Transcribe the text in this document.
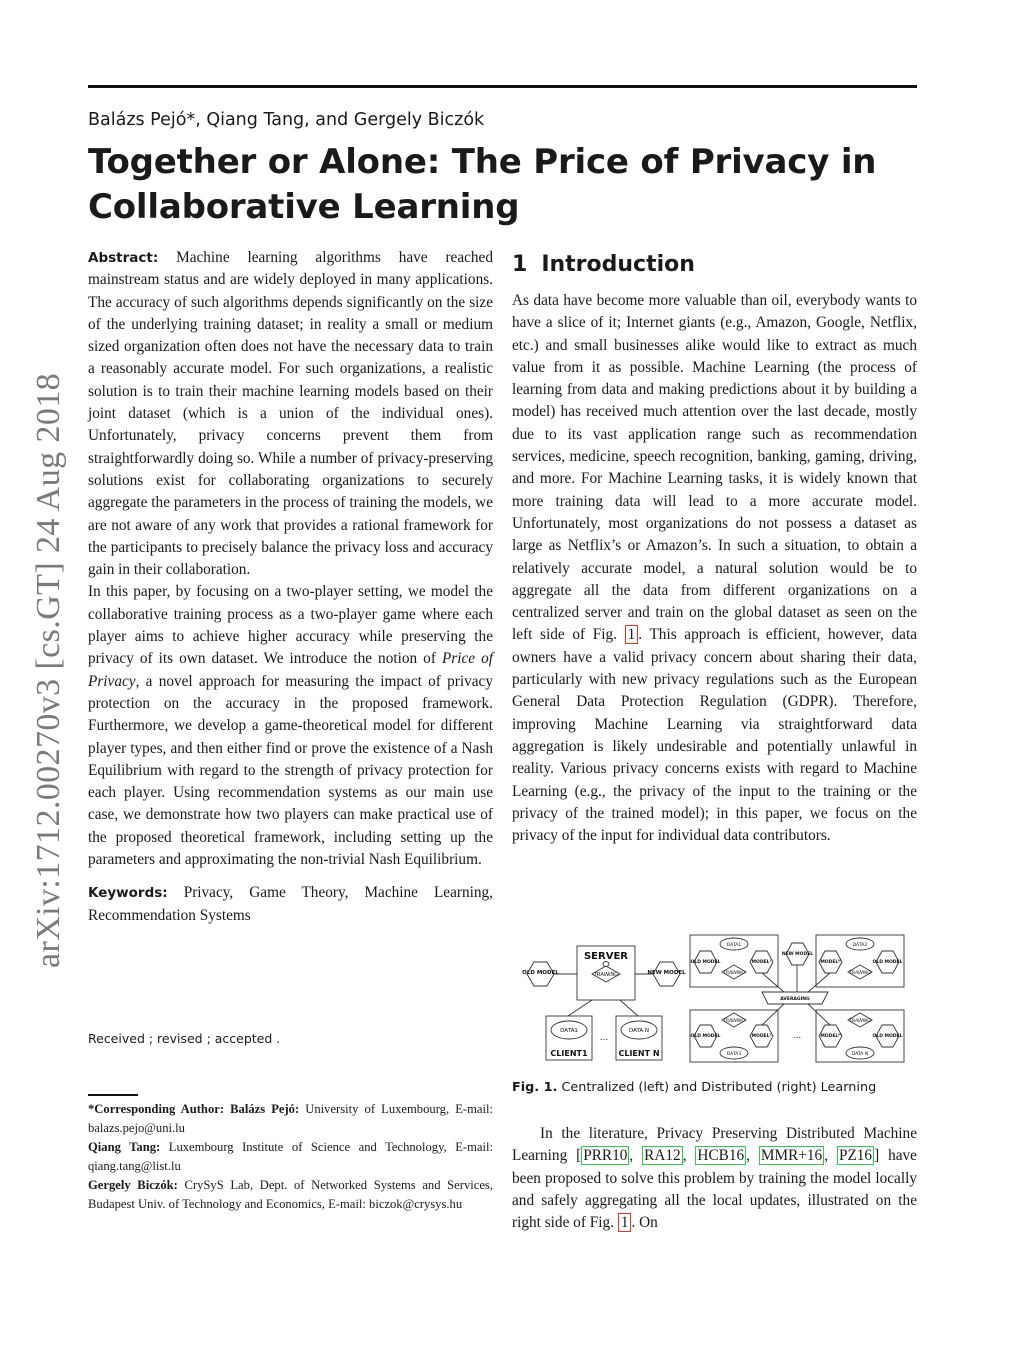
Balázs Pejó*, Qiang Tang, and Gergely Biczók
Together or Alone: The Price of Privacy in Collaborative Learning
arXiv:1712.00270v3 [cs.GT] 24 Aug 2018

Abstract: Machine learning algorithms have reached mainstream status and are widely deployed in many applications. The accuracy of such algorithms depends significantly on the size of the underlying training dataset; in reality a small or medium sized organization often does not have the necessary data to train a reasonably accurate model. For such organizations, a realistic solution is to train their machine learning models based on their joint dataset (which is a union of the individual ones). Unfortunately, privacy concerns prevent them from straightforwardly doing so. While a number of privacy-preserving solutions exist for collaborating organizations to securely aggregate the parameters in the process of training the models, we are not aware of any work that provides a rational framework for the participants to precisely balance the privacy loss and accuracy gain in their collaboration.

In this paper, by focusing on a two-player setting, we model the collaborative training process as a two-player game where each player aims to achieve higher accuracy while preserving the privacy of its own dataset. We introduce the notion of Price of Privacy, a novel approach for measuring the impact of privacy protection on the accuracy in the proposed framework. Furthermore, we develop a game-theoretical model for different player types, and then either find or prove the existence of a Nash Equilibrium with regard to the strength of privacy protection for each player. Using recommendation systems as our main use case, we demonstrate how two players can make practical use of the proposed theoretical framework, including setting up the parameters and approximating the non-trivial Nash Equilibrium.

Keywords: Privacy, Game Theory, Machine Learning, Recommendation Systems

Received ; revised ; accepted .

*Corresponding Author: Balázs Pejó: University of Luxembourg, E-mail: balazs.pejo@uni.lu

Qiang Tang: Luxembourg Institute of Science and Technology, E-mail: qiang.tang@list.lu

Gergely Biczók: CrySyS Lab, Dept. of Networked Systems and Services, Budapest Univ. of Technology and Economics, E-mail: biczok@crysys.hu

1 Introduction

As data have become more valuable than oil, everybody wants to have a slice of it; Internet giants (e.g., Amazon, Google, Netflix, etc.) and small businesses alike would like to extract as much value from it as possible. Machine Learning (the process of learning from data and making predictions about it by building a model) has received much attention over the last decade, mostly due to its vast application range such as recommendation services, medicine, speech recognition, banking, gaming, driving, and more. For Machine Learning tasks, it is widely known that more training data will lead to a more accurate model. Unfortunately, most organizations do not possess a dataset as large as Netflix’s or Amazon’s. In such a situation, to obtain a relatively accurate model, a natural solution would be to aggregate all the data from different organizations on a centralized server and train on the global dataset as seen on the left side of Fig. 1 . This approach is efficient, however, data owners have a valid privacy concern about sharing their data, particularly with new privacy regulations such as the European General Data Protection Regulation (GDPR). Therefore, improving Machine Learning via straightforward data aggregation is likely undesirable and potentially unlawful in reality. Various privacy concerns exists with regard to Machine Learning (e.g., the privacy of the input to the training or the privacy of the trained model); in this paper, we focus on the privacy of the input for individual data contributors.

OLD MODEL
SERVER
TRAINING	NEW MODEL
DATA1
CLIENT1
DATA N
CLIENT N
...
DATA1
OLD MODEL
TRAINING
MODEL¹
NEW MODEL
DATA2
MODELᴺ
TRAINING
OLD MODEL
AVERAGING
TRAINING
OLD MODEL	MODEL¹
DATA3
TRAINING
MODELᴺ	OLD MODEL
DATA N
...
Fig. 1. Centralized (left) and Distributed (right) Learning

In the literature, Privacy Preserving Distributed Machine Learning [ PRR10 , RA12 , HCB16 , MMR+16 , PZ16 ] have been proposed to solve this problem by training the model locally and safely aggregating all the local updates, illustrated on the right side of Fig. 1 . On
